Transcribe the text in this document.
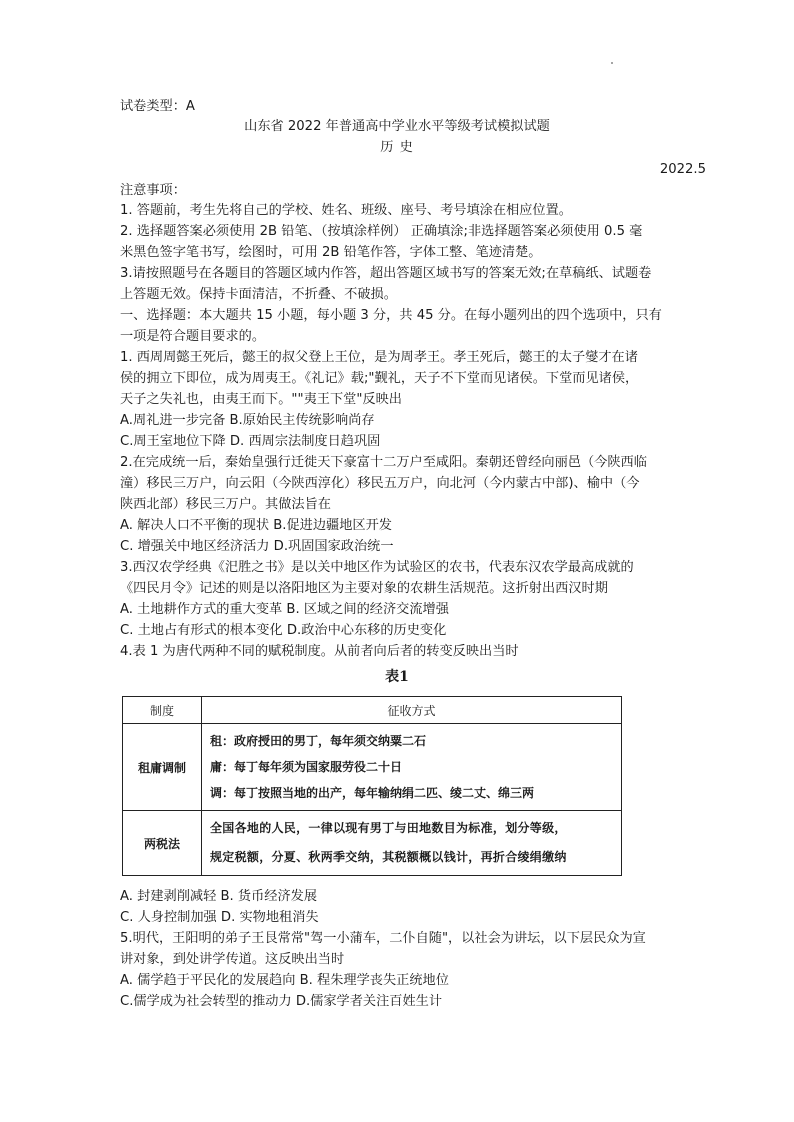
试卷类型：A
山东省 2022 年普通高中学业水平等级考试模拟试题
历 史
2022.5
注意事项：
1. 答题前，考生先将自己的学校、姓名、班级、座号、考号填涂在相应位置。
2. 选择题答案必须使用 2B 铅笔、（按填涂样例） 正确填涂;非选择题答案必须使用 0.5 毫
米黑色签字笔书写，绘图时，可用 2B 铅笔作答，字体工整、笔迹清楚。
3.请按照题号在各题目的答题区域内作答，超出答题区域书写的答案无效;在草稿纸、试题卷
上答题无效。保持卡面清洁，不折叠、不破损。
一、选择题：本大题共 15 小题，每小题 3 分，共 45 分。在每小题列出的四个选项中，只有
一项是符合题目要求的。
1. 西周周懿王死后，懿王的叔父登上王位，是为周孝王。孝王死后，懿王的太子燮才在诸
侯的拥立下即位，成为周夷王。《礼记》载;"觐礼，天子不下堂而见诸侯。下堂而见诸侯，
天子之失礼也，由夷王而下。""夷王下堂"反映出
A.周礼进一步完备 B.原始民主传统影响尚存
C.周王室地位下降 D. 西周宗法制度日趋巩固
2.在完成统一后，秦始皇强行迁徙天下豪富十二万户至咸阳。秦朝还曾经向丽邑（今陕西临
潼）移民三万户，向云阳（今陕西淳化）移民五万户，向北河（今内蒙古中部)、榆中（今
陕西北部）移民三万户。其做法旨在
A. 解决人口不平衡的现状 B.促进边疆地区开发
C. 增强关中地区经济活力 D.巩固国家政治统一
3.西汉农学经典《汜胜之书》是以关中地区作为试验区的农书，代表东汉农学最高成就的
《四民月令》记述的则是以洛阳地区为主要对象的农耕生活规范。这折射出西汉时期
A. 土地耕作方式的重大变革 B. 区域之间的经济交流增强
C. 土地占有形式的根本变化 D.政治中心东移的历史变化
4.表 1 为唐代两种不同的赋税制度。从前者向后者的转变反映出当时
表1
制度	征收方式
租庸调制	租：政府授田的男丁，每年须交纳粟二石
庸：每丁每年须为国家服劳役二十日
调：每丁按照当地的出产，每年输纳绢二匹、绫二丈、绵三两

两税法	全国各地的人民，一律以现有男丁与田地数目为标准，划分等级，
规定税额，分夏、秋两季交纳，其税额概以钱计，再折合绫绢缴纳
A. 封建剥削减轻 B. 货币经济发展
C. 人身控制加强 D. 实物地租消失
5.明代，王阳明的弟子王艮常常"驾一小蒲车，二仆自随"，以社会为讲坛，以下层民众为宣
讲对象，到处讲学传道。这反映出当时
A. 儒学趋于平民化的发展趋向 B. 程朱理学丧失正统地位
C.儒学成为社会转型的推动力 D.儒家学者关注百姓生计
